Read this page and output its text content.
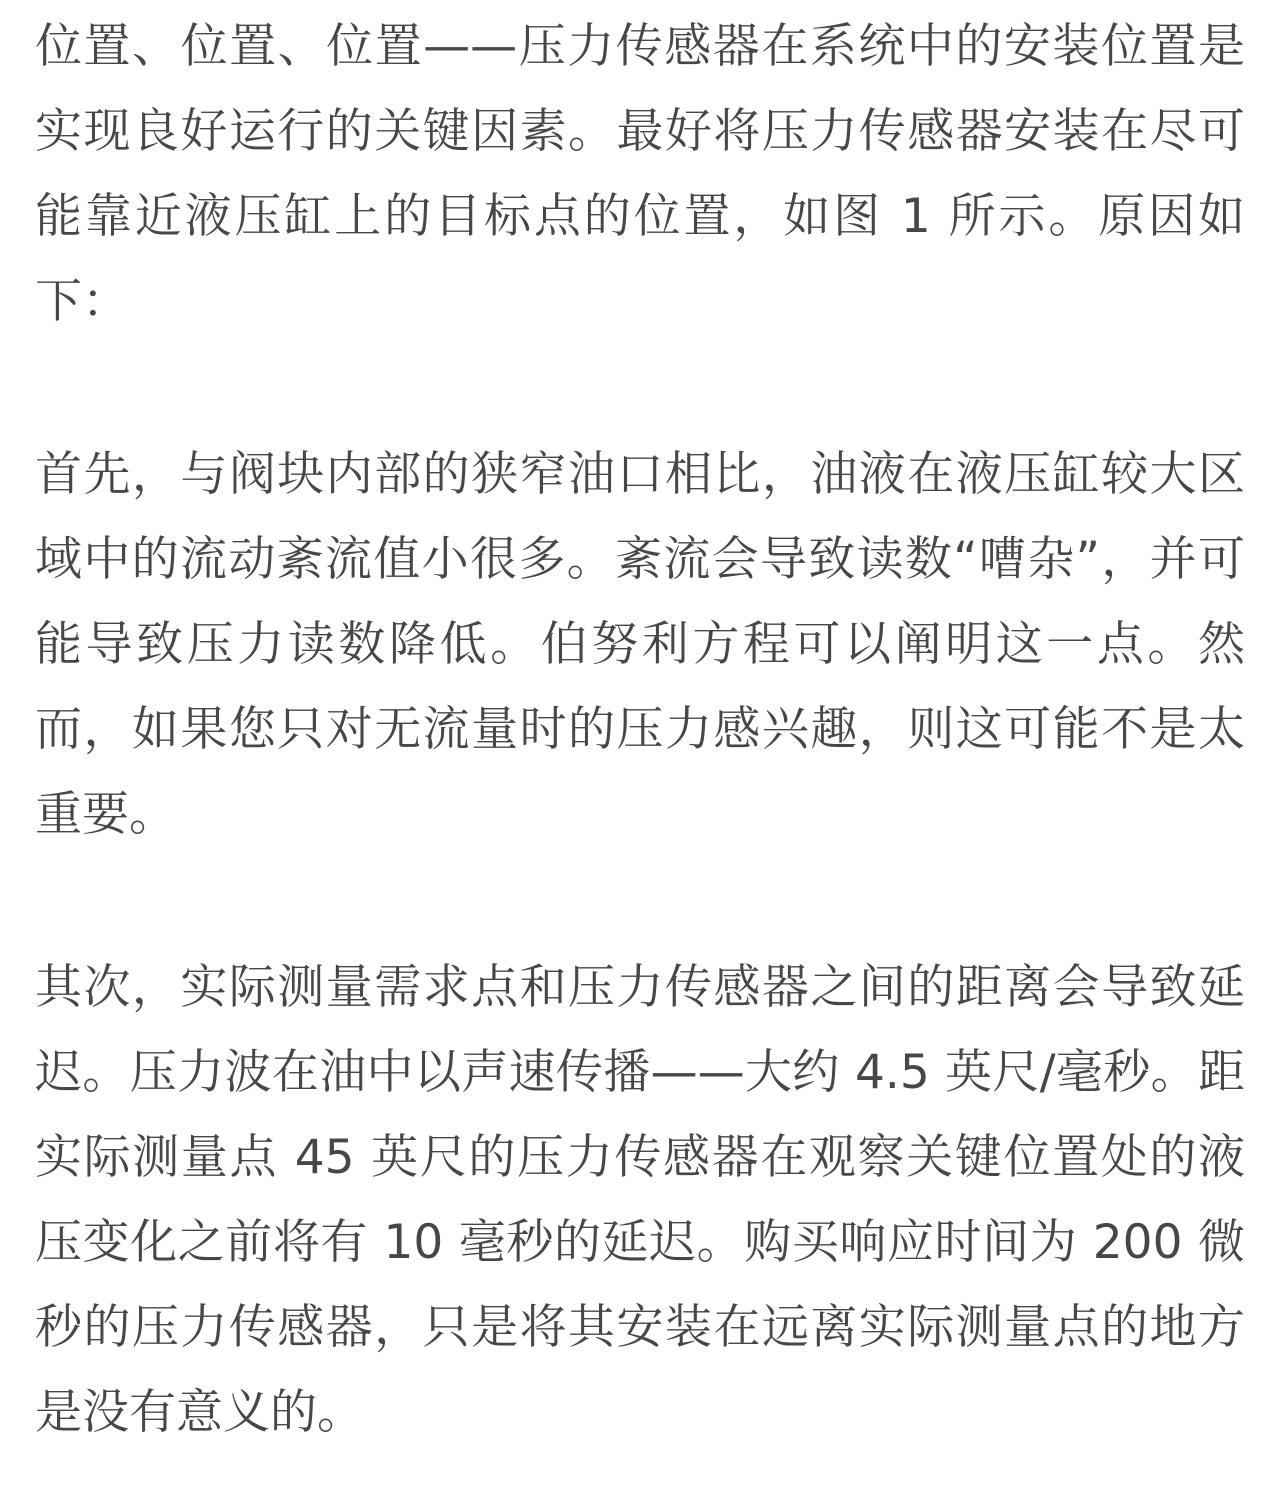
位置、位置、位置——压力传感器在系统中的安装位置是
实现良好运行的关键因素。最好将压力传感器安装在尽可
能靠近液压缸上的目标点的位置，如图 1 所示。原因如
下：

首先，与阀块内部的狭窄油口相比，油液在液压缸较大区
域中的流动紊流值小很多。紊流会导致读数“嘈杂”，并可
能导致压力读数降低。伯努利方程可以阐明这一点。然
而，如果您只对无流量时的压力感兴趣，则这可能不是太
重要。

其次，实际测量需求点和压力传感器之间的距离会导致延
迟。压力波在油中以声速传播——大约 4.5 英尺/毫秒。距
实际测量点 45 英尺的压力传感器在观察关键位置处的液
压变化之前将有 10 毫秒的延迟。购买响应时间为 200 微
秒的压力传感器，只是将其安装在远离实际测量点的地方
是没有意义的。
